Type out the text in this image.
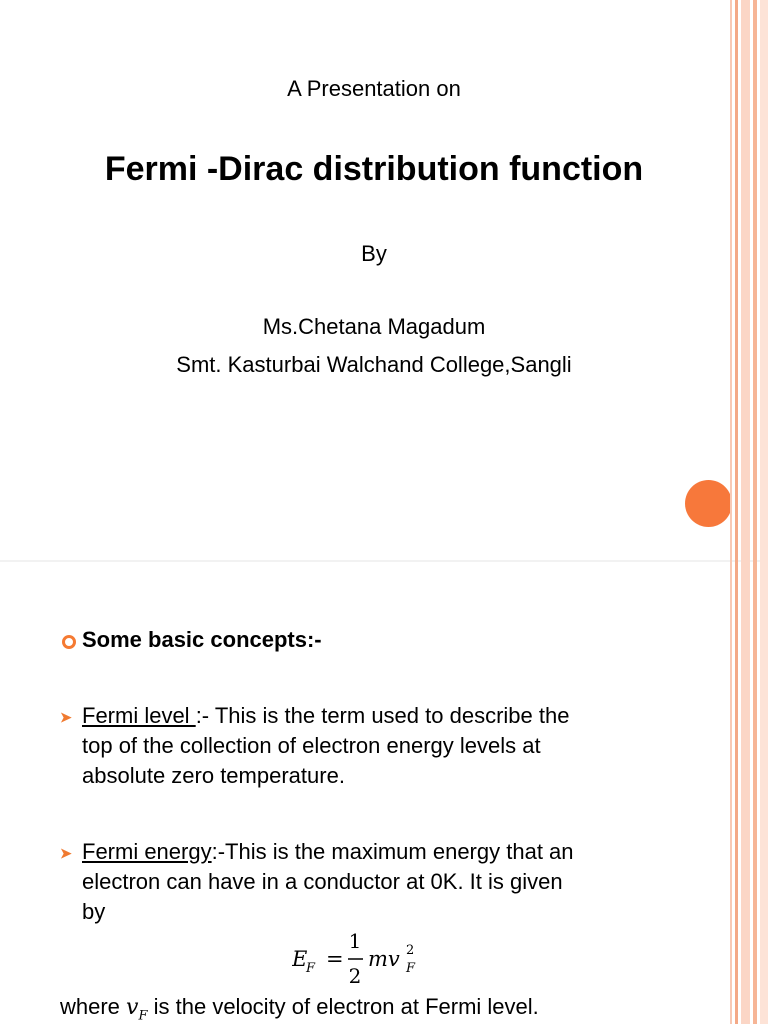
A Presentation on
Fermi -Dirac distribution function
By
Ms.Chetana Magadum
Smt. Kasturbai Walchand College,Sangli
Some basic concepts:-
➤ Fermi level :- This is the term used to describe the
top of the collection of electron energy levels at
absolute zero temperature.
➤ Fermi energy:-This is the maximum energy that an
electron can have in a conductor at 0K. It is given
by
E
F =
1
2
mv 2
F
where $v_F$ is the velocity of electron at Fermi level.
